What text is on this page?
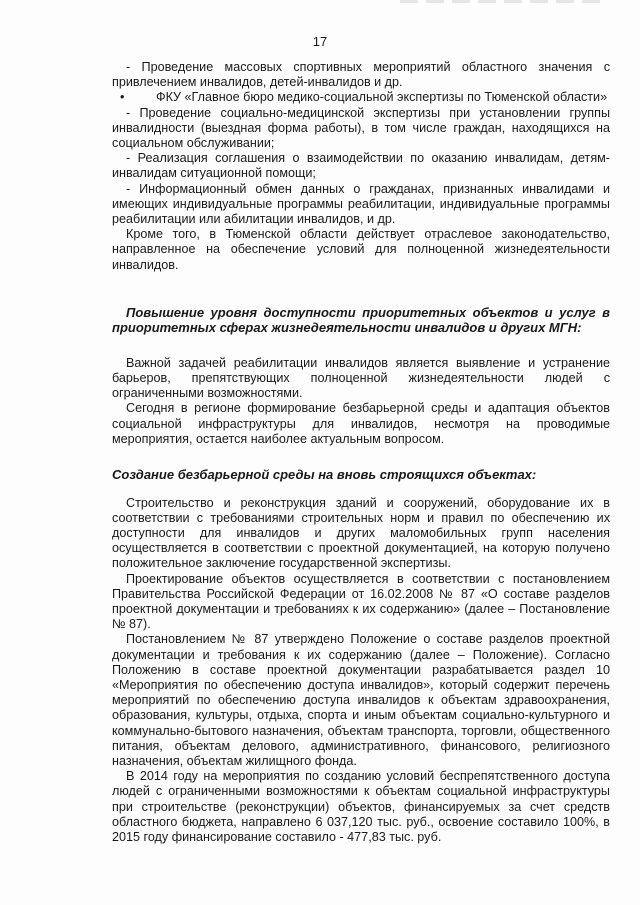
17

- Проведение массовых спортивных мероприятий областного значения с привлечением инвалидов, детей-инвалидов и др.

•	ФКУ «Главное бюро медико-социальной экспертизы по Тюменской области»

- Проведение социально-медицинской экспертизы при установлении группы инвалидности (выездная форма работы), в том числе граждан, находящихся на социальном обслуживании;

- Реализация соглашения о взаимодействии по оказанию инвалидам, детям-инвалидам ситуационной помощи;

- Информационный обмен данных о гражданах, признанных инвалидами и имеющих индивидуальные программы реабилитации, индивидуальные программы реабилитации или абилитации инвалидов, и др.

Кроме того, в Тюменской области действует отраслевое законодательство, направленное на обеспечение условий для полноценной жизнедеятельности инвалидов.

Повышение уровня доступности приоритетных объектов и услуг в приоритетных сферах жизнедеятельности инвалидов и других МГН:

Важной задачей реабилитации инвалидов является выявление и устранение барьеров, препятствующих полноценной жизнедеятельности людей с ограниченными возможностями.

Сегодня в регионе формирование безбарьерной среды и адаптация объектов социальной инфраструктуры для инвалидов, несмотря на проводимые мероприятия, остается наиболее актуальным вопросом.

Создание безбарьерной среды на вновь строящихся объектах:

Строительство и реконструкция зданий и сооружений, оборудование их в соответствии с требованиями строительных норм и правил по обеспечению их доступности для инвалидов и других маломобильных групп населения осуществляется в соответствии с проектной документацией, на которую получено положительное заключение государственной экспертизы.

Проектирование объектов осуществляется в соответствии с постановлением Правительства Российской Федерации от 16.02.2008 № 87 «О составе разделов проектной документации и требованиях к их содержанию» (далее – Постановление № 87).

Постановлением № 87 утверждено Положение о составе разделов проектной документации и требования к их содержанию (далее – Положение). Согласно Положению в составе проектной документации разрабатывается раздел 10 «Мероприятия по обеспечению доступа инвалидов», который содержит перечень мероприятий по обеспечению доступа инвалидов к объектам здравоохранения, образования, культуры, отдыха, спорта и иным объектам социально-культурного и коммунально-бытового назначения, объектам транспорта, торговли, общественного питания, объектам делового, административного, финансового, религиозного назначения, объектам жилищного фонда.

В 2014 году на мероприятия по созданию условий беспрепятственного доступа людей с ограниченными возможностями к объектам социальной инфраструктуры при строительстве (реконструкции) объектов, финансируемых за счет средств областного бюджета, направлено 6 037,120 тыс. руб., освоение составило 100%, в 2015 году финансирование составило - 477,83 тыс. руб.
